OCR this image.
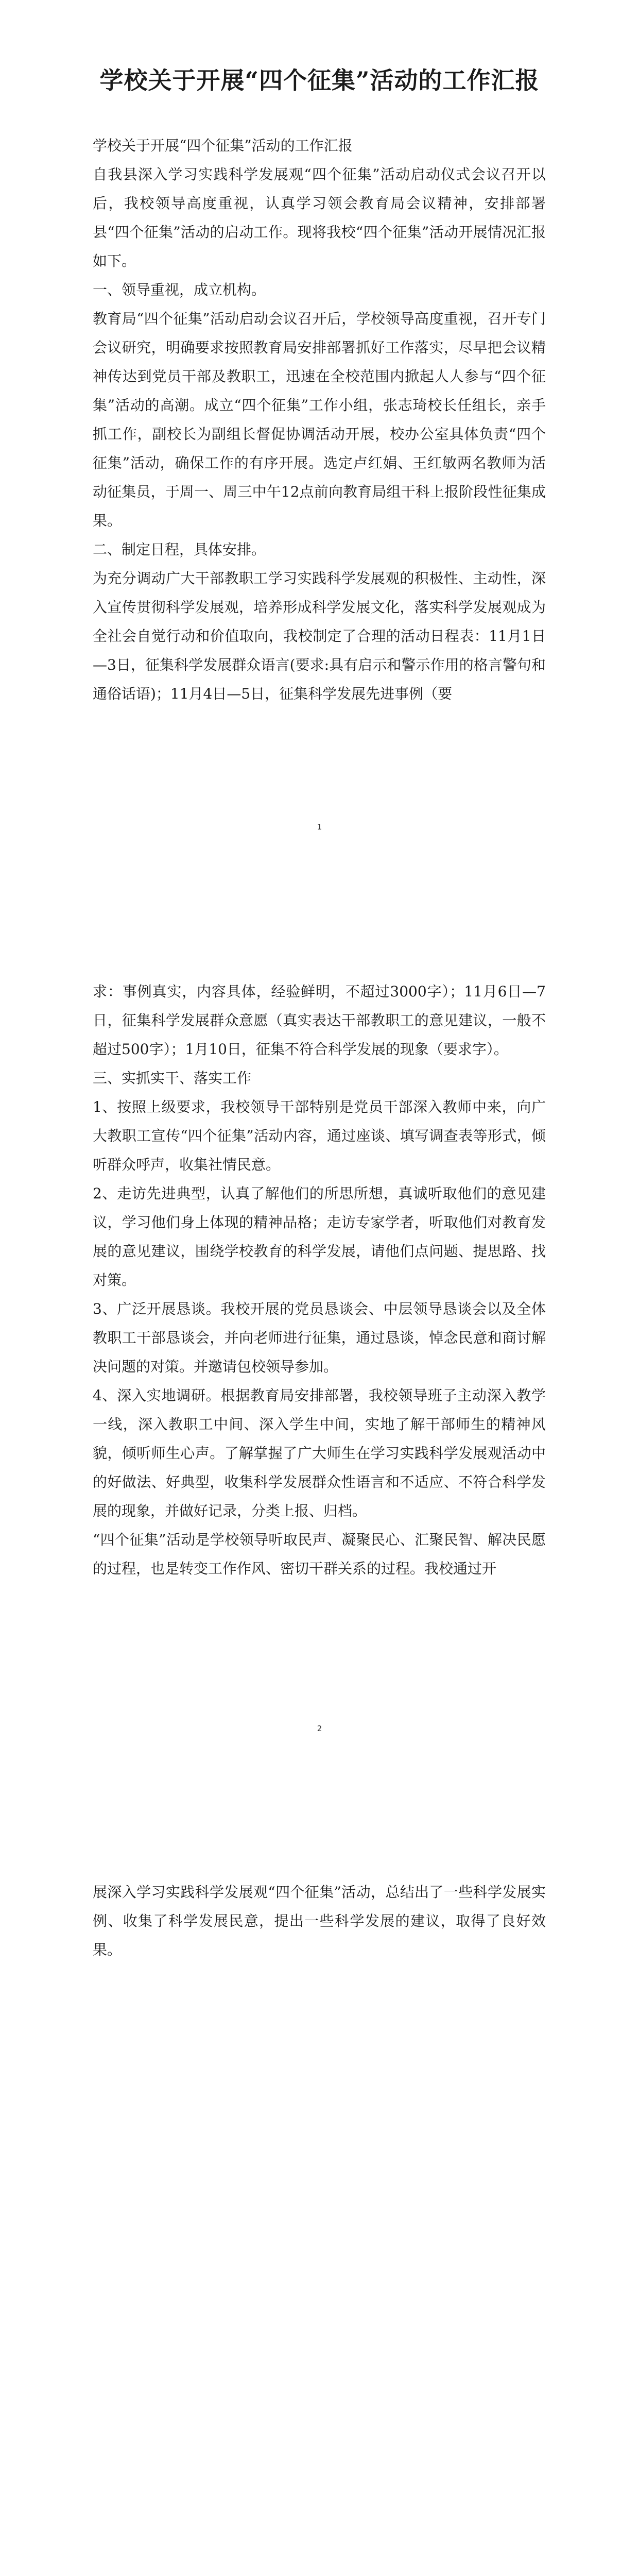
学校关于开展“四个征集”活动的工作汇报

学校关于开展“四个征集”活动的工作汇报

自我县深入学习实践科学发展观“四个征集”活动启动仪式会议召开以后，我校领导高度重视，认真学习领会教育局会议精神，安排部署县“四个征集”活动的启动工作。现将我校“四个征集”活动开展情况汇报如下。

一、领导重视，成立机构。

教育局“四个征集”活动启动会议召开后，学校领导高度重视，召开专门会议研究，明确要求按照教育局安排部署抓好工作落实，尽早把会议精神传达到党员干部及教职工，迅速在全校范围内掀起人人参与“四个征集”活动的高潮。成立“四个征集”工作小组，张志琦校长任组长，亲手抓工作，副校长为副组长督促协调活动开展，校办公室具体负责“四个征集”活动，确保工作的有序开展。选定卢红娟、王红敏两名教师为活动征集员，于周一、周三中午12点前向教育局组干科上报阶段性征集成果。

二、制定日程，具体安排。

为充分调动广大干部教职工学习实践科学发展观的积极性、主动性，深入宣传贯彻科学发展观，培养形成科学发展文化，落实科学发展观成为全社会自觉行动和价值取向，我校制定了合理的活动日程表：11月1日—3日，征集科学发展群众语言(要求:具有启示和警示作用的格言警句和通俗话语)；11月4日—5日，征集科学发展先进事例（要

1

求：事例真实，内容具体，经验鲜明，不超过3000字）；11月6日—7日，征集科学发展群众意愿（真实表达干部教职工的意见建议，一般不超过500字）；1月10日，征集不符合科学发展的现象（要求字）。

三、实抓实干、落实工作

1、按照上级要求，我校领导干部特别是党员干部深入教师中来，向广大教职工宣传“四个征集”活动内容，通过座谈、填写调查表等形式，倾听群众呼声，收集社情民意。

2、走访先进典型，认真了解他们的所思所想，真诚听取他们的意见建议，学习他们身上体现的精神品格；走访专家学者，听取他们对教育发展的意见建议，围绕学校教育的科学发展，请他们点问题、提思路、找对策。

3、广泛开展恳谈。我校开展的党员恳谈会、中层领导恳谈会以及全体教职工干部恳谈会，并向老师进行征集，通过恳谈，悼念民意和商讨解决问题的对策。并邀请包校领导参加。

4、深入实地调研。根据教育局安排部署，我校领导班子主动深入教学一线，深入教职工中间、深入学生中间，实地了解干部师生的精神风貌，倾听师生心声。了解掌握了广大师生在学习实践科学发展观活动中的好做法、好典型，收集科学发展群众性语言和不适应、不符合科学发展的现象，并做好记录，分类上报、归档。

“四个征集”活动是学校领导听取民声、凝聚民心、汇聚民智、解决民愿的过程，也是转变工作作风、密切干群关系的过程。我校通过开

2

展深入学习实践科学发展观“四个征集”活动，总结出了一些科学发展实例、收集了科学发展民意，提出一些科学发展的建议，取得了良好效果。
